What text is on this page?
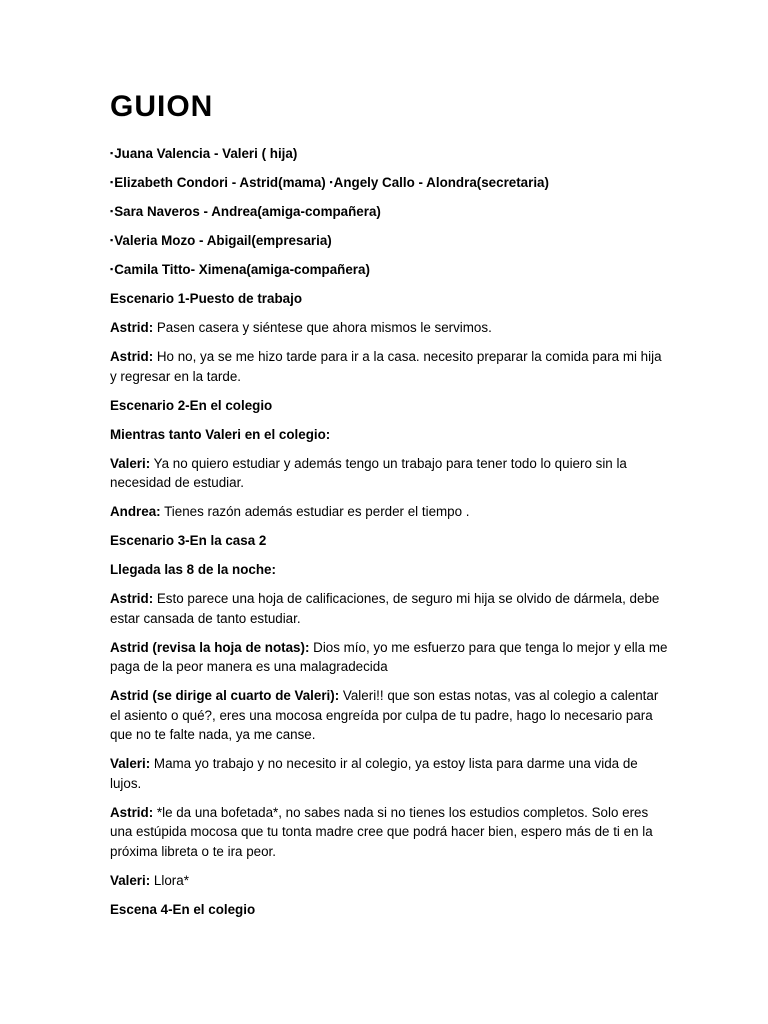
GUION
▪Juana Valencia - Valeri ( hija)
▪Elizabeth Condori - Astrid(mama) ▪Angely Callo - Alondra(secretaria)
▪Sara Naveros - Andrea(amiga-compañera)
▪Valeria Mozo - Abigail(empresaria)
▪Camila Titto- Ximena(amiga-compañera)
Escenario 1-Puesto de trabajo
Astrid: Pasen casera y siéntese que ahora mismos le servimos.
Astrid: Ho no, ya se me hizo tarde para ir a la casa. necesito preparar la comida para mi hija y regresar en la tarde.
Escenario 2-En el colegio
Mientras tanto Valeri en el colegio:
Valeri: Ya no quiero estudiar y además tengo un trabajo para tener todo lo quiero sin la necesidad de estudiar.
Andrea: Tienes razón además estudiar es perder el tiempo .
Escenario 3-En la casa 2
Llegada las 8 de la noche:
Astrid: Esto parece una hoja de calificaciones, de seguro mi hija se olvido de dármela, debe estar cansada de tanto estudiar.
Astrid (revisa la hoja de notas): Dios mío, yo me esfuerzo para que tenga lo mejor y ella me paga de la peor manera es una malagradecida
Astrid (se dirige al cuarto de Valeri): Valeri!! que son estas notas, vas al colegio a calentar el asiento o qué?, eres una mocosa engreída por culpa de tu padre, hago lo necesario para que no te falte nada, ya me canse.
Valeri: Mama yo trabajo y no necesito ir al colegio, ya estoy lista para darme una vida de lujos.
Astrid: *le da una bofetada*, no sabes nada si no tienes los estudios completos. Solo eres una estúpida mocosa que tu tonta madre cree que podrá hacer bien, espero más de ti en la próxima libreta o te ira peor.
Valeri: Llora*
Escena 4-En el colegio
